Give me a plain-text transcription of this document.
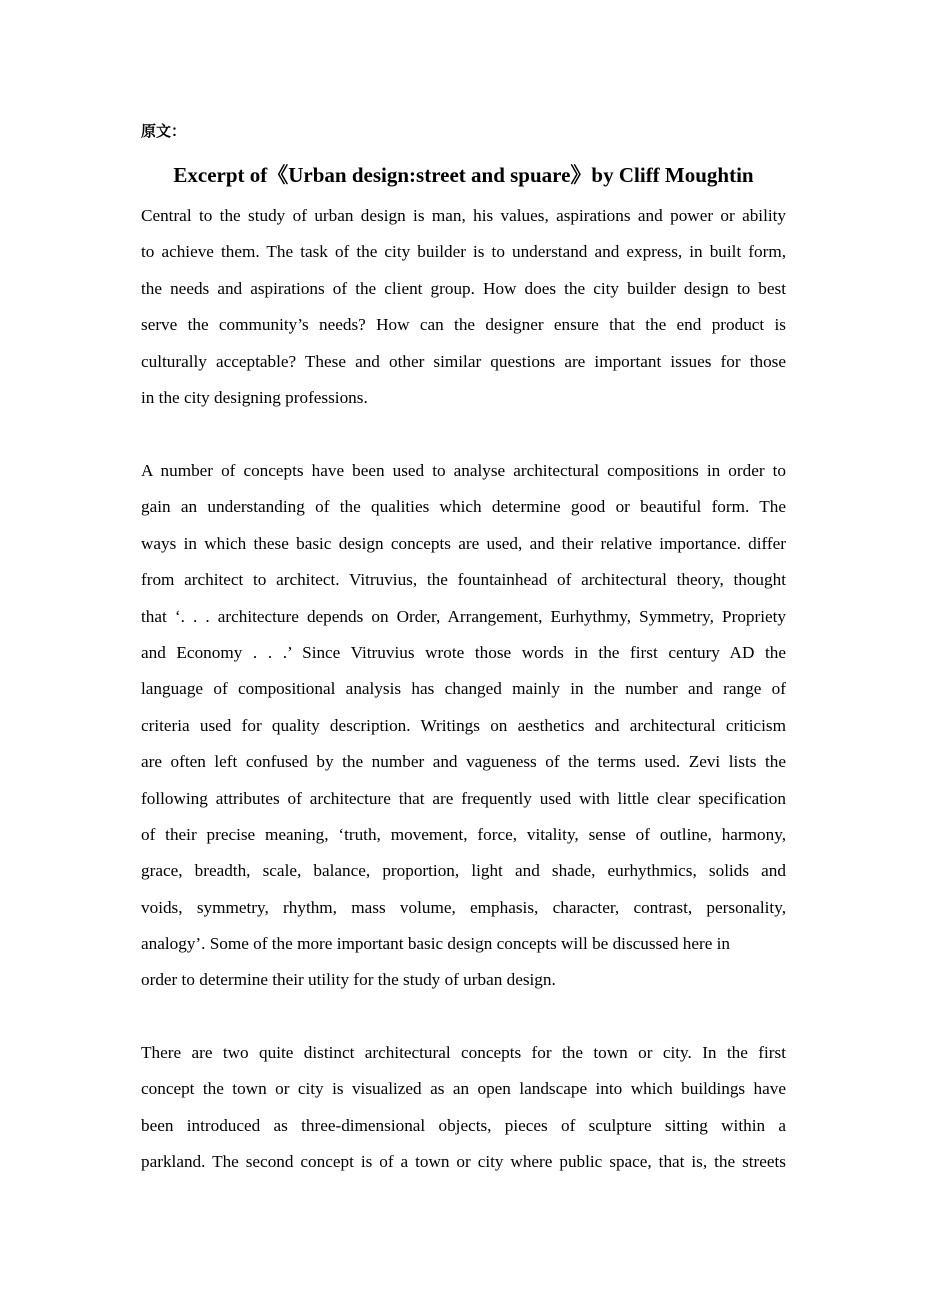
原文：
Excerpt of《Urban design:street and spuare》by Cliff Moughtin
Central to the study of urban design is man, his values, aspirations and power or ability
to achieve them. The task of the city builder is to understand and express, in built form,
the needs and aspirations of the client group. How does the city builder design to best
serve the community’s needs? How can the designer ensure that the end product is
culturally acceptable? These and other similar questions are important issues for those
in the city designing professions.
A number of concepts have been used to analyse architectural compositions in order to
gain an understanding of the qualities which determine good or beautiful form. The
ways in which these basic design concepts are used, and their relative importance. differ
from architect to architect. Vitruvius, the fountainhead of architectural theory, thought
that ‘. . . architecture depends on Order, Arrangement, Eurhythmy, Symmetry, Propriety
and Economy . . .’ Since Vitruvius wrote those words in the first century AD the
language of compositional analysis has changed mainly in the number and range of
criteria used for quality description. Writings on aesthetics and architectural criticism
are often left confused by the number and vagueness of the terms used. Zevi lists the
following attributes of architecture that are frequently used with little clear specification
of their precise meaning, ‘truth, movement, force, vitality, sense of outline, harmony,
grace, breadth, scale, balance, proportion, light and shade, eurhythmics, solids and
voids, symmetry, rhythm, mass volume, emphasis, character, contrast, personality,
analogy’. Some of the more important basic design concepts will be discussed here in
order to determine their utility for the study of urban design.
There are two quite distinct architectural concepts for the town or city. In the first
concept the town or city is visualized as an open landscape into which buildings have
been introduced as three-dimensional objects, pieces of sculpture sitting within a
parkland. The second concept is of a town or city where public space, that is, the streets
